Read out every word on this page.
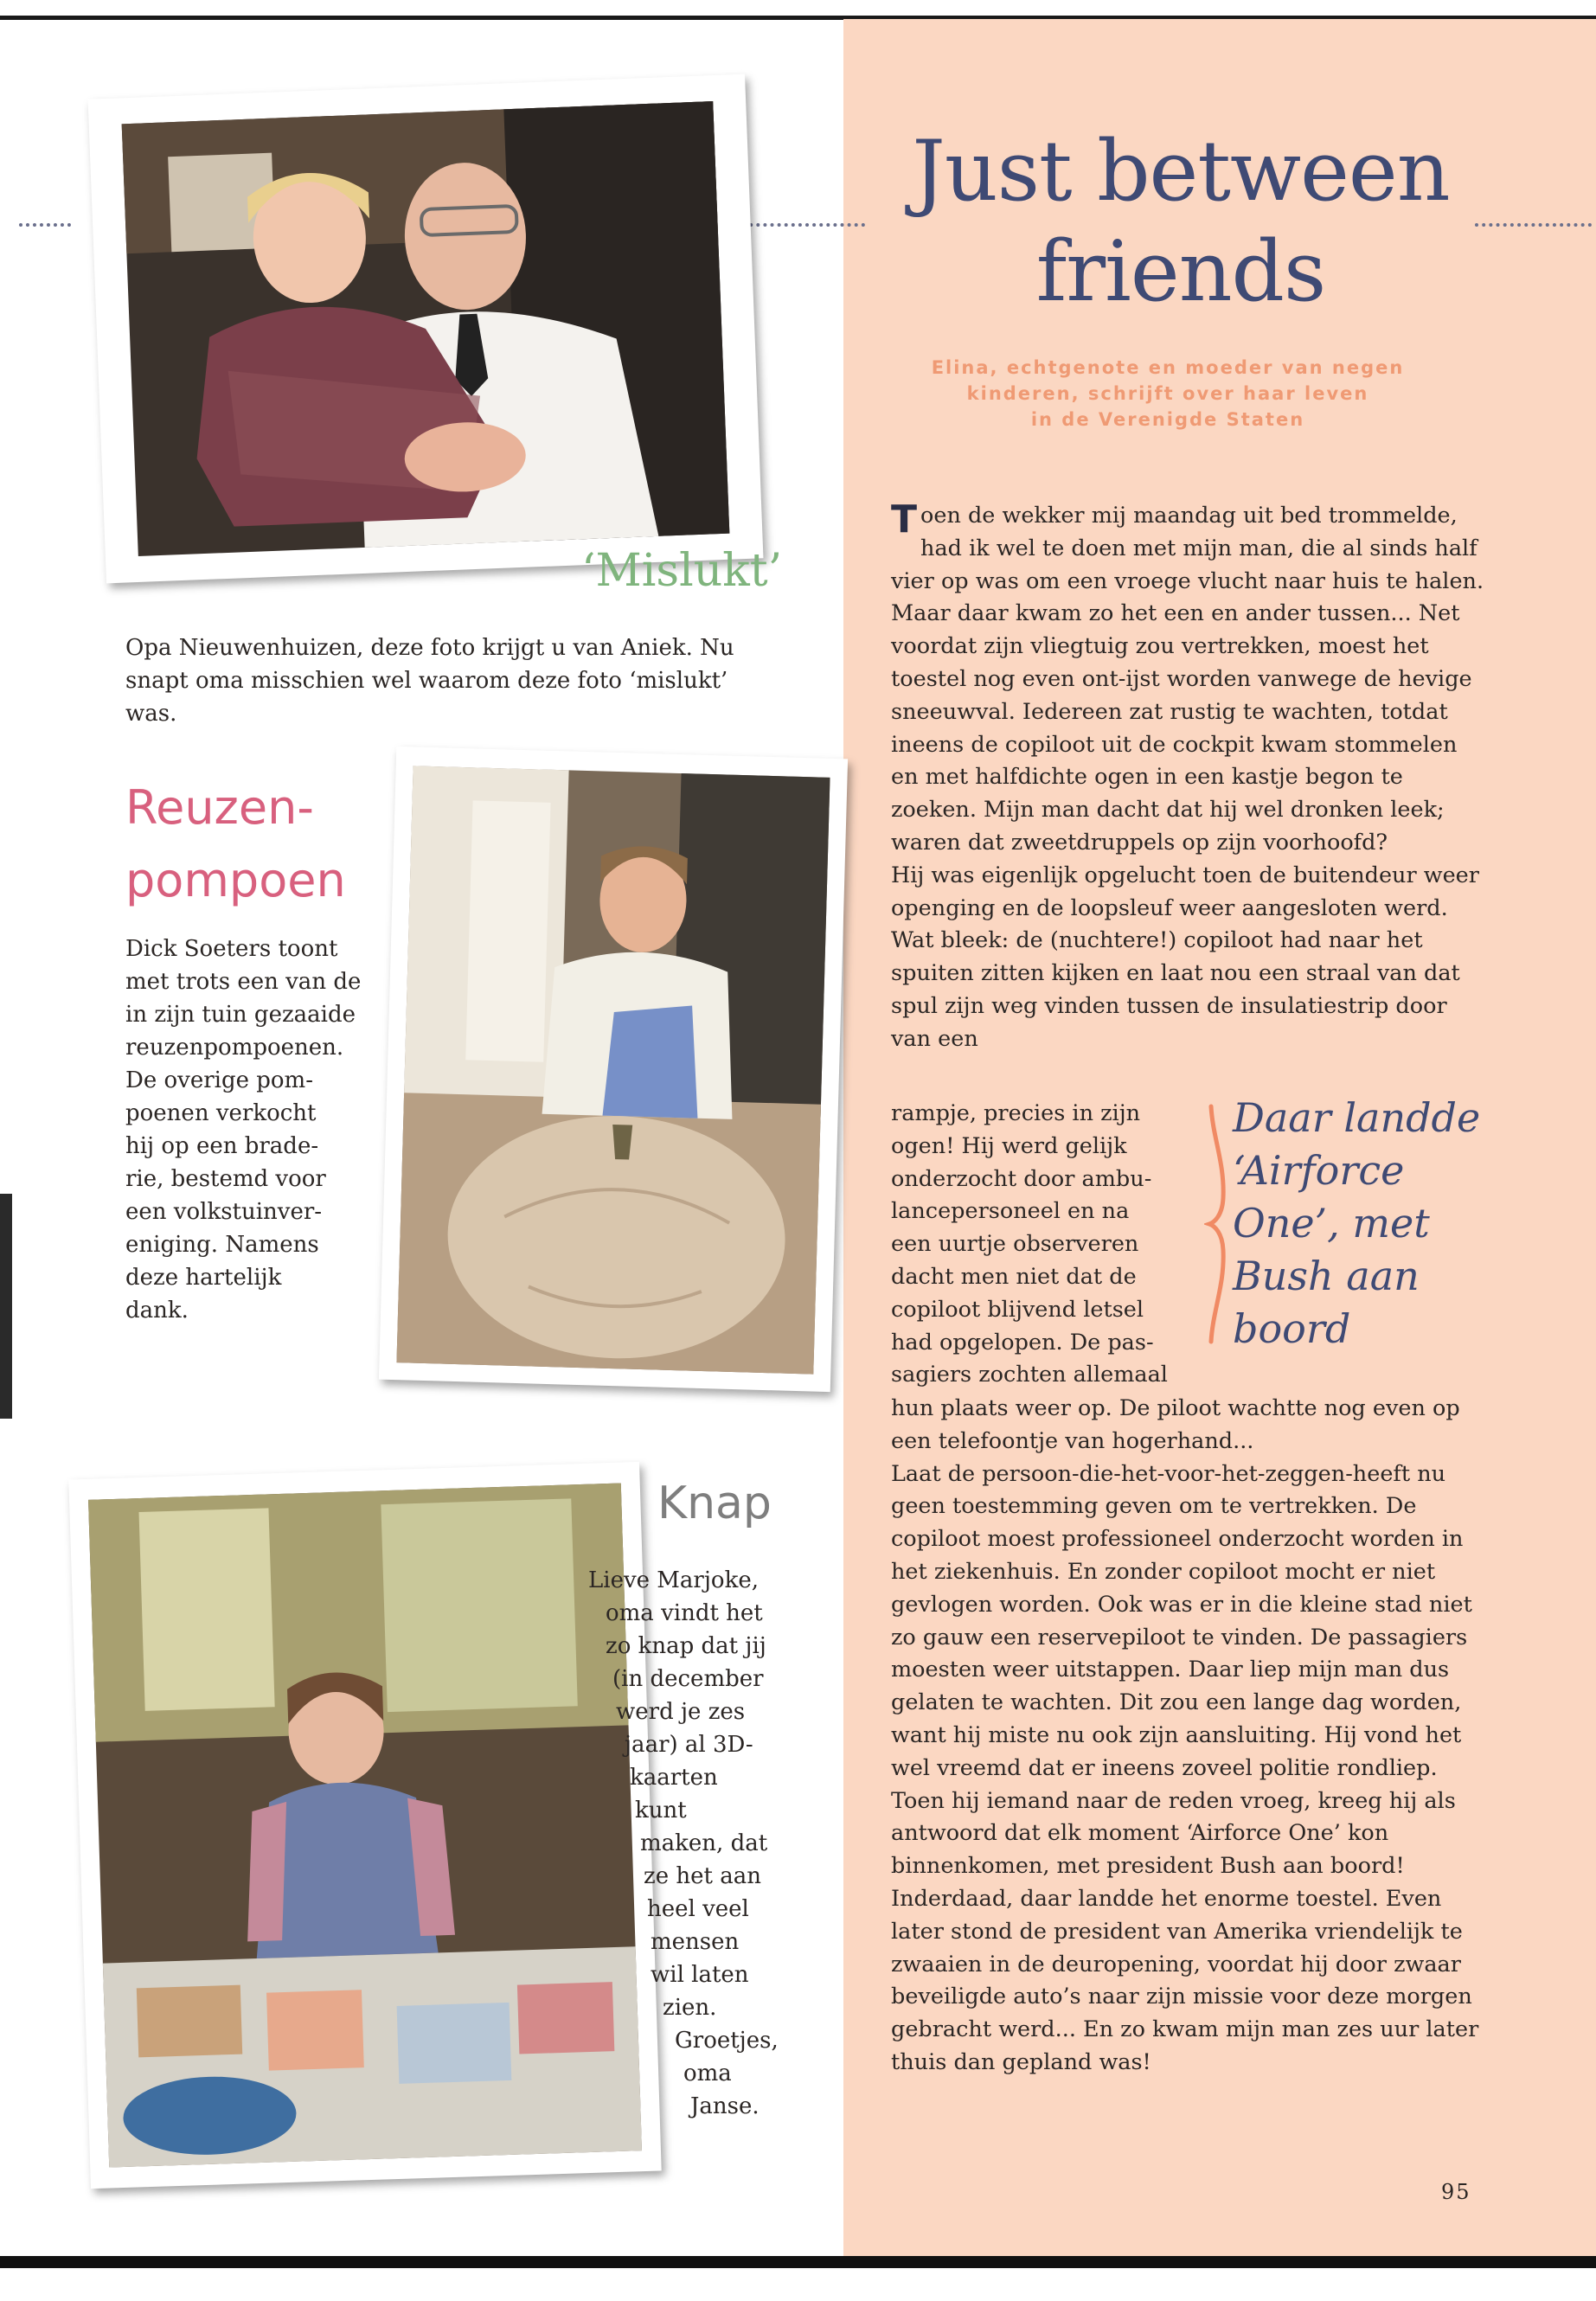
Just between
friends
Elina, echtgenote en moeder van negen
kinderen, schrijft over haar leven
in de Verenigde Staten

Toen de wekker mij maandag uit bed trommelde, had ik wel te doen met mijn man, die al sinds half vier op was om een vroege vlucht naar huis te halen. Maar daar kwam zo het een en ander tussen... Net voordat zijn vliegtuig zou vertrekken, moest het toestel nog even ont-ijst worden vanwege de hevige sneeuwval. Iedereen zat rustig te wachten, totdat ineens de copiloot uit de cockpit kwam stommelen en met halfdichte ogen in een kastje begon te zoeken. Mijn man dacht dat hij wel dronken leek; waren dat zweetdruppels op zijn voorhoofd?

Hij was eigenlijk opgelucht toen de buitendeur weer openging en de loopsleuf weer aangesloten werd. Wat bleek: de (nuchtere!) copiloot had naar het spuiten zitten kijken en laat nou een straal van dat spul zijn weg vinden tussen de insulatiestrip door van een

rampje, precies in zijn ogen! Hij werd gelijk onderzocht door ambulancepersoneel en na een uurtje observeren dacht men niet dat de copiloot blijvend letsel had opgelopen. De passagiers zochten allemaal

Daar landde
‘Airforce
One’, met
Bush aan
boord

hun plaats weer op. De piloot wachtte nog even op een telefoontje van hogerhand...

Laat de persoon-die-het-voor-het-zeggen-heeft nu geen toestemming geven om te vertrekken. De copiloot moest professioneel onderzocht worden in het ziekenhuis. En zonder copiloot mocht er niet gevlogen worden. Ook was er in die kleine stad niet zo gauw een reservepiloot te vinden. De passagiers moesten weer uitstappen. Daar liep mijn man dus gelaten te wachten. Dit zou een lange dag worden, want hij miste nu ook zijn aansluiting. Hij vond het wel vreemd dat er ineens zoveel politie rondliep. Toen hij iemand naar de reden vroeg, kreeg hij als antwoord dat elk moment ‘Airforce One’ kon binnenkomen, met president Bush aan boord! Inderdaad, daar landde het enorme toestel. Even later stond de president van Amerika vriendelijk te zwaaien in de deuropening, voordat hij door zwaar beveiligde auto’s naar zijn missie voor deze morgen gebracht werd... En zo kwam mijn man zes uur later thuis dan gepland was!

‘Mislukt’
Opa Nieuwenhuizen, deze foto krijgt u van Aniek. Nu snapt oma misschien wel waarom deze foto ‘mislukt’ was.
Reuzen-
pompoen
Dick Soeters toont
met trots een van de
in zijn tuin gezaaide
reuzenpompoenen.
De overige pom-
poenen verkocht
hij op een brade-
rie, bestemd voor
een volkstuinver-
eniging. Namens
deze hartelijk
dank.
Knap
Lieve Marjoke,
oma vindt het
zo knap dat jij
(in december
werd je zes
jaar) al 3D-
kaarten
kunt
maken, dat
ze het aan
heel veel
mensen
wil laten
zien.
Groetjes,
oma
Janse.
95
